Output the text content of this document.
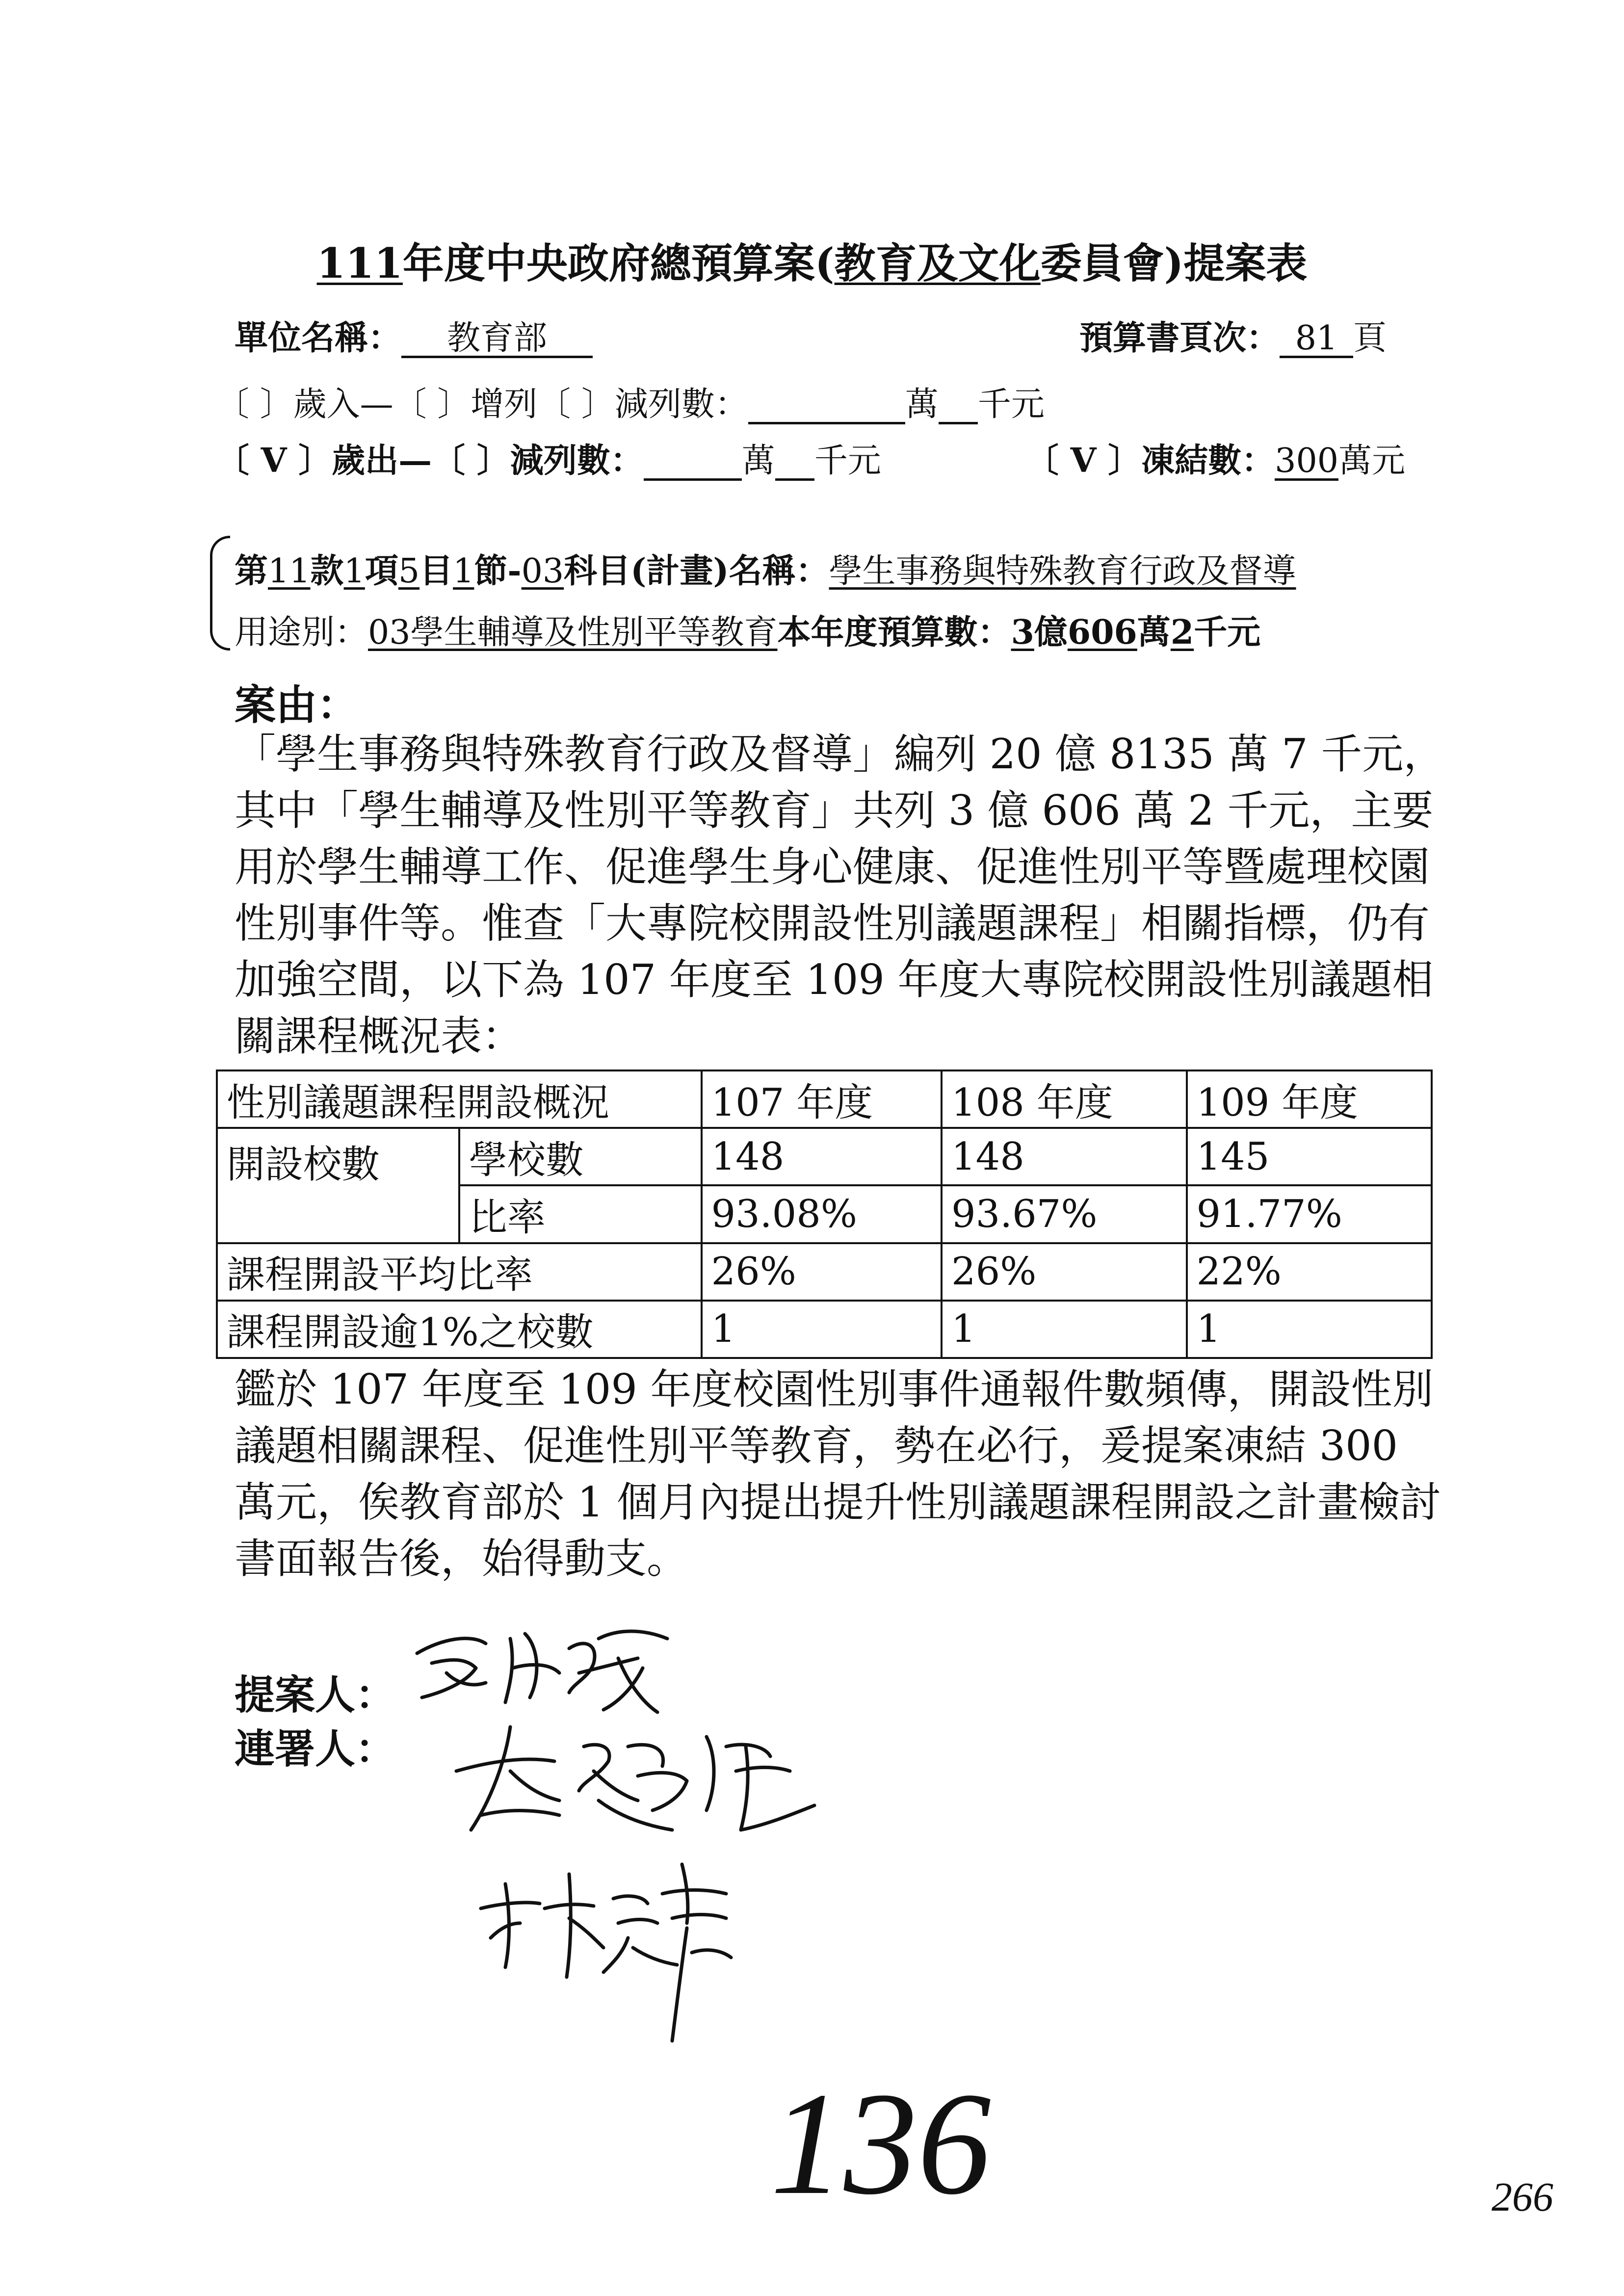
111年度中央政府總預算案(教育及文化委員會)提案表
單位名稱： 教育部	預算書頁次： 81 頁
〔 〕歲入—〔 〕增列〔 〕減列數：	萬 千元
〔 V 〕歲出—〔 〕減列數：	萬 千元	〔 V 〕凍結數：300萬元
第11款1項5目1節-03科目(計畫)名稱：學生事務與特殊教育行政及督導
用途別：03學生輔導及性別平等教育本年度預算數：3億606萬2千元
案由：

「學生事務與特殊教育行政及督導」編列 20 億 8135 萬 7 千元，其中「學生輔導及性別平等教育」共列 3 億 606 萬 2 千元，主要用於學生輔導工作、促進學生身心健康、促進性別平等暨處理校園性別事件等。惟查「大專院校開設性別議題課程」相關指標，仍有加強空間，以下為 107 年度至 109 年度大專院校開設性別議題相關課程概況表：

性別議題課程開設概況		107 年度	108 年度	109 年度
開設校數	學校數	148	148	145
	比率	93.08%	93.67%	91.77%
課程開設平均比率		26%	26%	22%
課程開設逾1%之校數		1	1	1
鑑於 107 年度至 109 年度校園性別事件通報件數頻傳，開設性別議題相關課程、促進性別平等教育，勢在必行，爰提案凍結 300 萬元，俟教育部於 1 個月內提出提升性別議題課程開設之計畫檢討書面報告後，始得動支。
提案人：
連署人：
136	266
